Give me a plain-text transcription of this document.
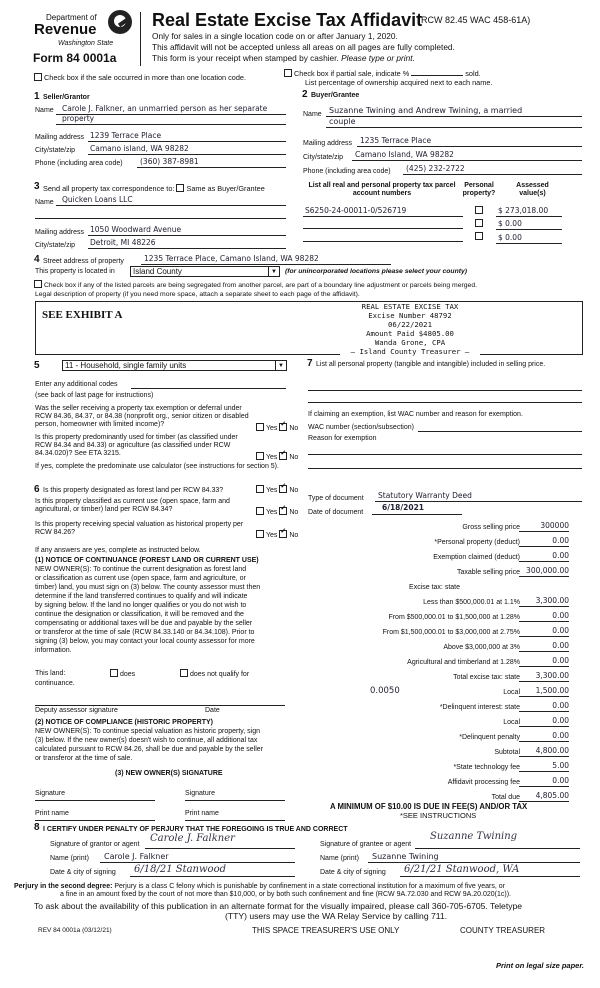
Department of
Revenue
Washington State
Form 84 0001a
Real Estate Excise Tax Affidavit
(RCW 82.45 WAC 458-61A)
Only for sales in a single location code on or after January 1, 2020.
This affidavit will not be accepted unless all areas on all pages are fully completed.
This form is your receipt when stamped by cashier. Please type or print.
Check box if the sale occurred in more than one location code.	Check box if partial sale, indicate %	sold.
List percentage of ownership acquired next to each name.
1 Seller/Grantor
Name Carole J. Falkner, an unmarried person as her separate
property
Mailing address 1239 Terrace Place
City/state/zip Camano island, WA 98282
Phone (including area code) (360) 387-8981
2 Buyer/Grantee
Name Suzanne Twining and Andrew Twining, a married
couple
Mailing address 1235 Terrace Place
City/state/zip Camano Island, WA 98282
Phone (including area code) (425) 232-2722
3 Send all property tax correspondence to: Same as Buyer/Grantee
Name Quicken Loans LLC
Mailing address 1050 Woodward Avenue
City/state/zip Detroit, MI 48226
List all real and personal property tax parcel account numbers
Personal property?
Assessed value(s)
S6250-24-00011-0/526719	$ 273,018.00
$ 0.00
$ 0.00
4 Street address of property	1235 Terrace Place, Camano Island, WA 98282
This property is located in	Island County	▼ (for unincorporated locations please select your county)
Check box if any of the listed parcels are being segregated from another parcel, are part of a boundary line adjustment or parcels being merged.
Legal description of property (if you need more space, attach a separate sheet to each page of the affidavit).
SEE EXHIBIT A
REAL ESTATE EXCISE TAX
Excise Number 48792
06/22/2021
Amount Paid $4805.00
Wanda Grone, CPA
— Island County Treasurer —
5	11 - Household, single family units	▼
Enter any additional codes
(see back of last page for instructions)
Was the seller receiving a property tax exemption or deferral under RCW 84.36, 84.37, or 84.38 (nonprofit org., senior citizen or disabled person, homeowner with limited income)?
Yes ✓ No
Is this property predominantly used for timber (as classified under RCW 84.34 and 84.33) or agriculture (as classified under RCW 84.34.020)? See ETA 3215.
Yes ✓ No
If yes, complete the predominate use calculator (see instructions for section 5).
6 Is this property designated as forest land per RCW 84.33?	Yes ✓ No
Is this property classified as current use (open space, farm and agricultural, or timber) land per RCW 84.34?	Yes ✓ No
Is this property receiving special valuation as historical property per RCW 84.26?	Yes ✓ No
If any answers are yes, complete as instructed below.
(1) NOTICE OF CONTINUANCE (FOREST LAND OR CURRENT USE)
NEW OWNER(S): To continue the current designation as forest land
or classification as current use (open space, farm and agriculture, or
timber) land, you must sign on (3) below. The county assessor must then
determine if the land transferred continues to qualify and will indicate
by signing below. If the land no longer qualifies or you do not wish to
continue the designation or classification, it will be removed and the
compensating or additional taxes will be due and payable by the seller
or transferor at the time of sale (RCW 84.33.140 or 84.34.108). Prior to
signing (3) below, you may contact your local county assessor for more
information.
This land:	does	does not qualify for
continuance.
Deputy assessor signature	Date
(2) NOTICE OF COMPLIANCE (HISTORIC PROPERTY)
NEW OWNER(S): To continue special valuation as historic property, sign
(3) below. If the new owner(s) doesn't wish to continue, all additional tax
calculated pursuant to RCW 84.26, shall be due and payable by the seller
or transferor at the time of sale.
(3) NEW OWNER(S) SIGNATURE
Signature	Signature
Print name	Print name
7 List all personal property (tangible and intangible) included in selling price.
If claiming an exemption, list WAC number and reason for exemption.
WAC number (section/subsection)
Reason for exemption
Type of document Statutory Warranty Deed
Date of document
6/18/2021
Gross selling price	300000
*Personal property (deduct)	0.00
Exemption claimed (deduct)	0.00
Taxable selling price 300,000.00
Excise tax: state
Less than $500,000.01 at 1.1%	3,300.00
From $500,000.01 to $1,500,000 at 1.28%	0.00
From $1,500,000.01 to $3,000,000 at 2.75%	0.00
Above $3,000,000 at 3%	0.00
Agricultural and timberland at 1.28%	0.00
Total excise tax: state	3,300.00
0.0050	Local	1,500.00
*Delinquent interest: state	0.00
Local	0.00
*Delinquent penalty	0.00
Subtotal	4,800.00
*State technology fee	5.00
Affidavit processing fee	0.00
Total due	4,805.00
A MINIMUM OF $10.00 IS DUE IN FEE(S) AND/OR TAX
*SEE INSTRUCTIONS
8 I CERTIFY UNDER PENALTY OF PERJURY THAT THE FOREGOING IS TRUE AND CORRECT
Signature of grantor or agent
Carole J. Falkner
Name (print) Carole J. Falkner
Date & city of signing 6/18/21 Stanwood
Signature of grantee or agent
Suzanne Twining
Name (print) Suzanne Twining
Date & city of signing 6/21/21 Stanwood, WA
Perjury in the second degree: Perjury is a class C felony which is punishable by confinement in a state correctional institution for a maximum of five years, or
a fine in an amount fixed by the court of not more than $10,000, or by both such confinement and fine (RCW 9A.72.030 and RCW 9A.20.020(1c)).
To ask about the availability of this publication in an alternate format for the visually impaired, please call 360-705-6705. Teletype
(TTY) users may use the WA Relay Service by calling 711.
REV 84 0001a (03/12/21)	THIS SPACE TREASURER'S USE ONLY	COUNTY TREASURER
Print on legal size paper.
